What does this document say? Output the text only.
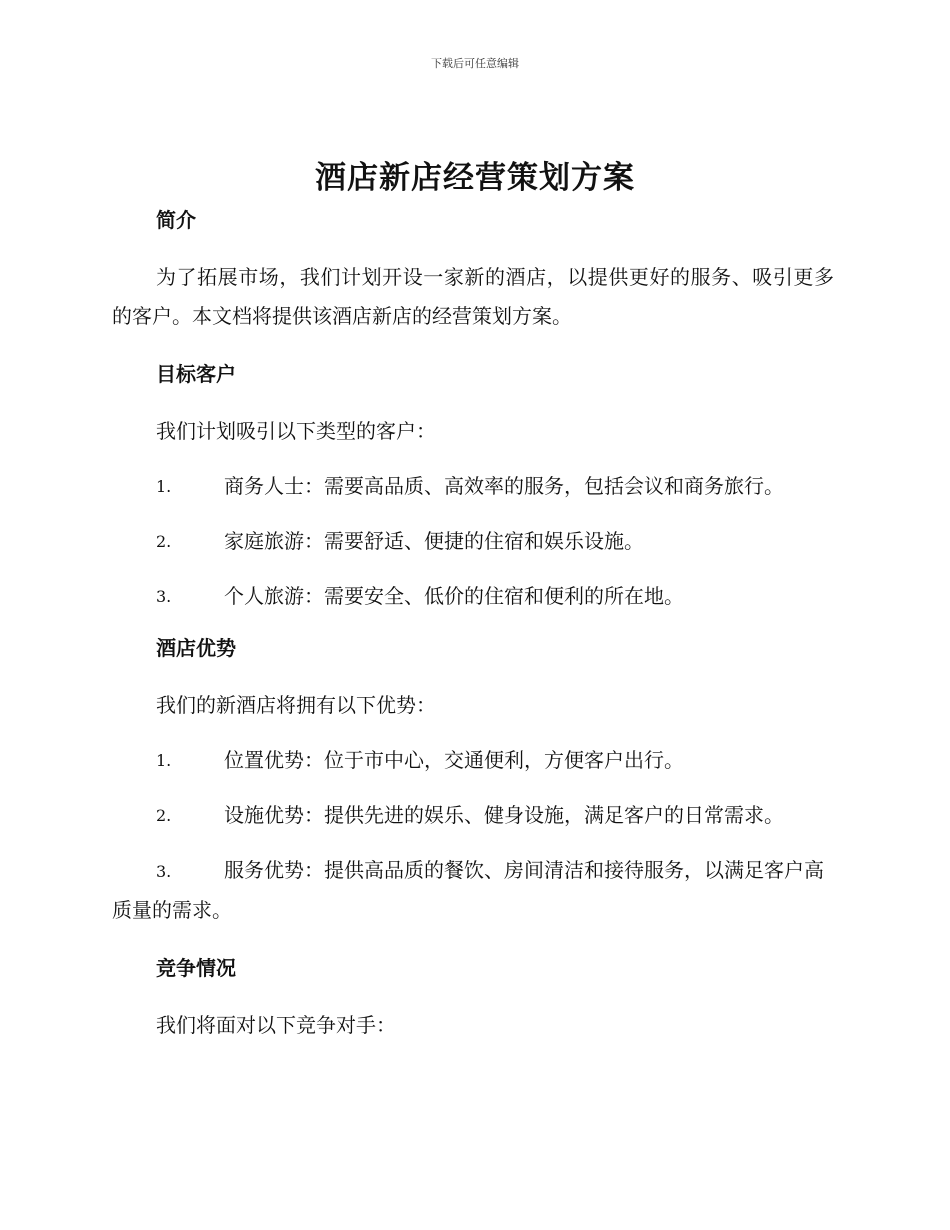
下载后可任意编辑
酒店新店经营策划方案
简介

为了拓展市场，我们计划开设一家新的酒店，以提供更好的服务、吸引更多的客户。本文档将提供该酒店新店的经营策划方案。

目标客户

我们计划吸引以下类型的客户：

1.	商务人士：需要高品质、高效率的服务，包括会议和商务旅行。
2.	家庭旅游：需要舒适、便捷的住宿和娱乐设施。
3.	个人旅游：需要安全、低价的住宿和便利的所在地。
酒店优势

我们的新酒店将拥有以下优势：

1.	位置优势：位于市中心，交通便利，方便客户出行。
2.	设施优势：提供先进的娱乐、健身设施，满足客户的日常需求。

3.	服务优势：提供高品质的餐饮、房间清洁和接待服务，以满足客户高质量的需求。

竞争情况

我们将面对以下竞争对手：
